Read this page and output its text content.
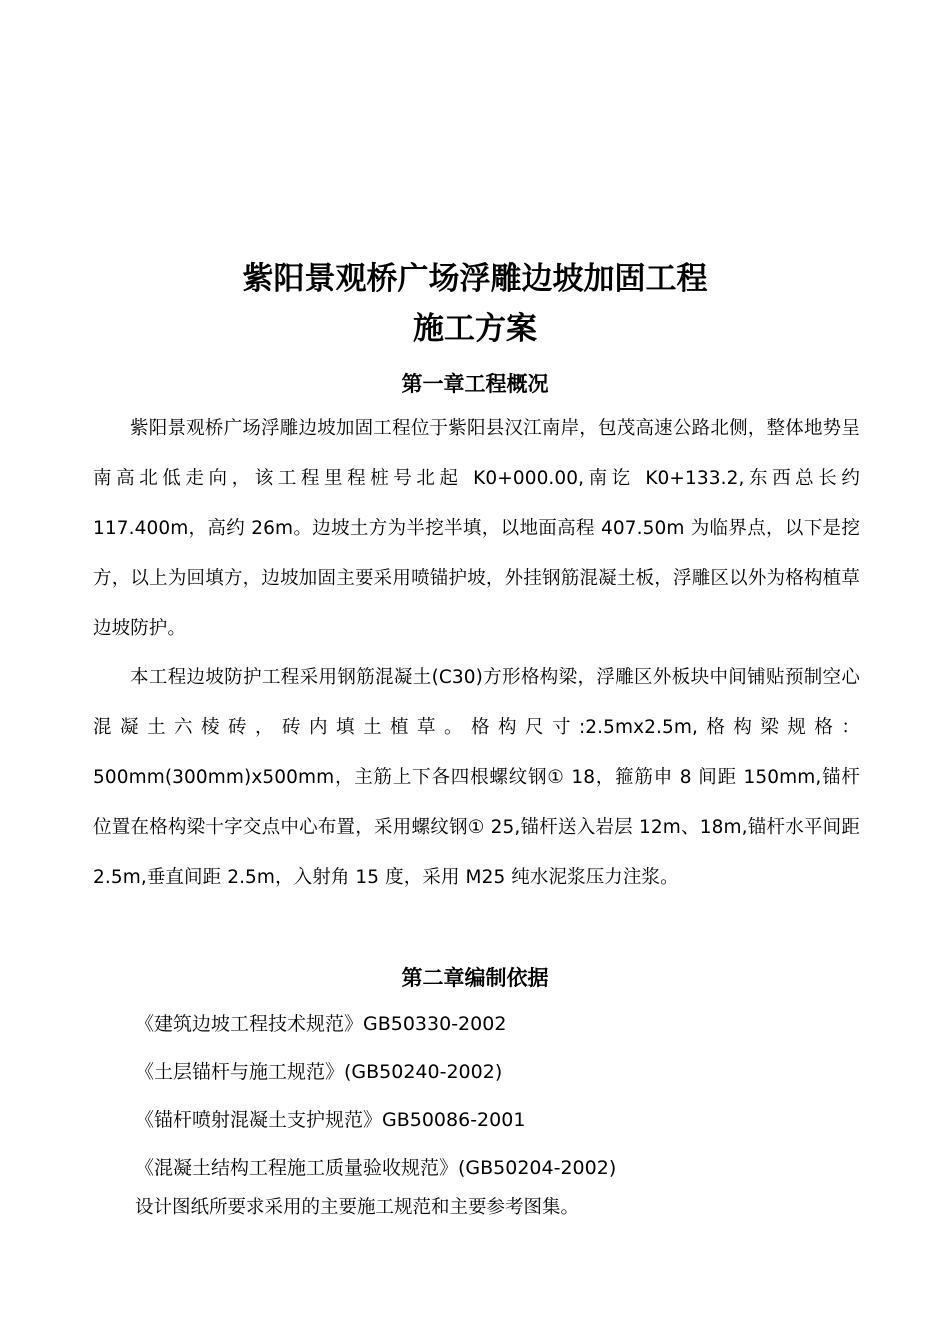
紫阳景观桥广场浮雕边坡加固工程
施工方案
第一章工程概况

紫阳景观桥广场浮雕边坡加固工程位于紫阳县汉江南岸，包茂高速公路北侧，整体地势呈南高北低走向，该工程里程桩号北起 K0+000.00,南讫 K0+133.2,东西总长约 117.400m，高约 26m。边坡土方为半挖半填，以地面高程 407.50m 为临界点，以下是挖方，以上为回填方，边坡加固主要采用喷锚护坡，外挂钢筋混凝土板，浮雕区以外为格构植草边坡防护。

本工程边坡防护工程采用钢筋混凝土(C30)方形格构梁，浮雕区外板块中间铺贴预制空心混凝土六棱砖，砖内填土植草。格构尺寸:2.5mx2.5m,格构梁规格：500mm(300mm)x500mm，主筋上下各四根螺纹钢① 18，箍筋申 8 间距 150mm,锚杆位置在格构梁十字交点中心布置，采用螺纹钢① 25,锚杆送入岩层 12m、18m,锚杆水平间距 2.5m,垂直间距 2.5m，入射角 15 度，采用 M25 纯水泥浆压力注浆。

第二章编制依据
《建筑边坡工程技术规范》GB50330-2002
《土层锚杆与施工规范》(GB50240-2002)
《锚杆喷射混凝土支护规范》GB50086-2001
《混凝土结构工程施工质量验收规范》(GB50204-2002)

设计图纸所要求采用的主要施工规范和主要参考图集。
